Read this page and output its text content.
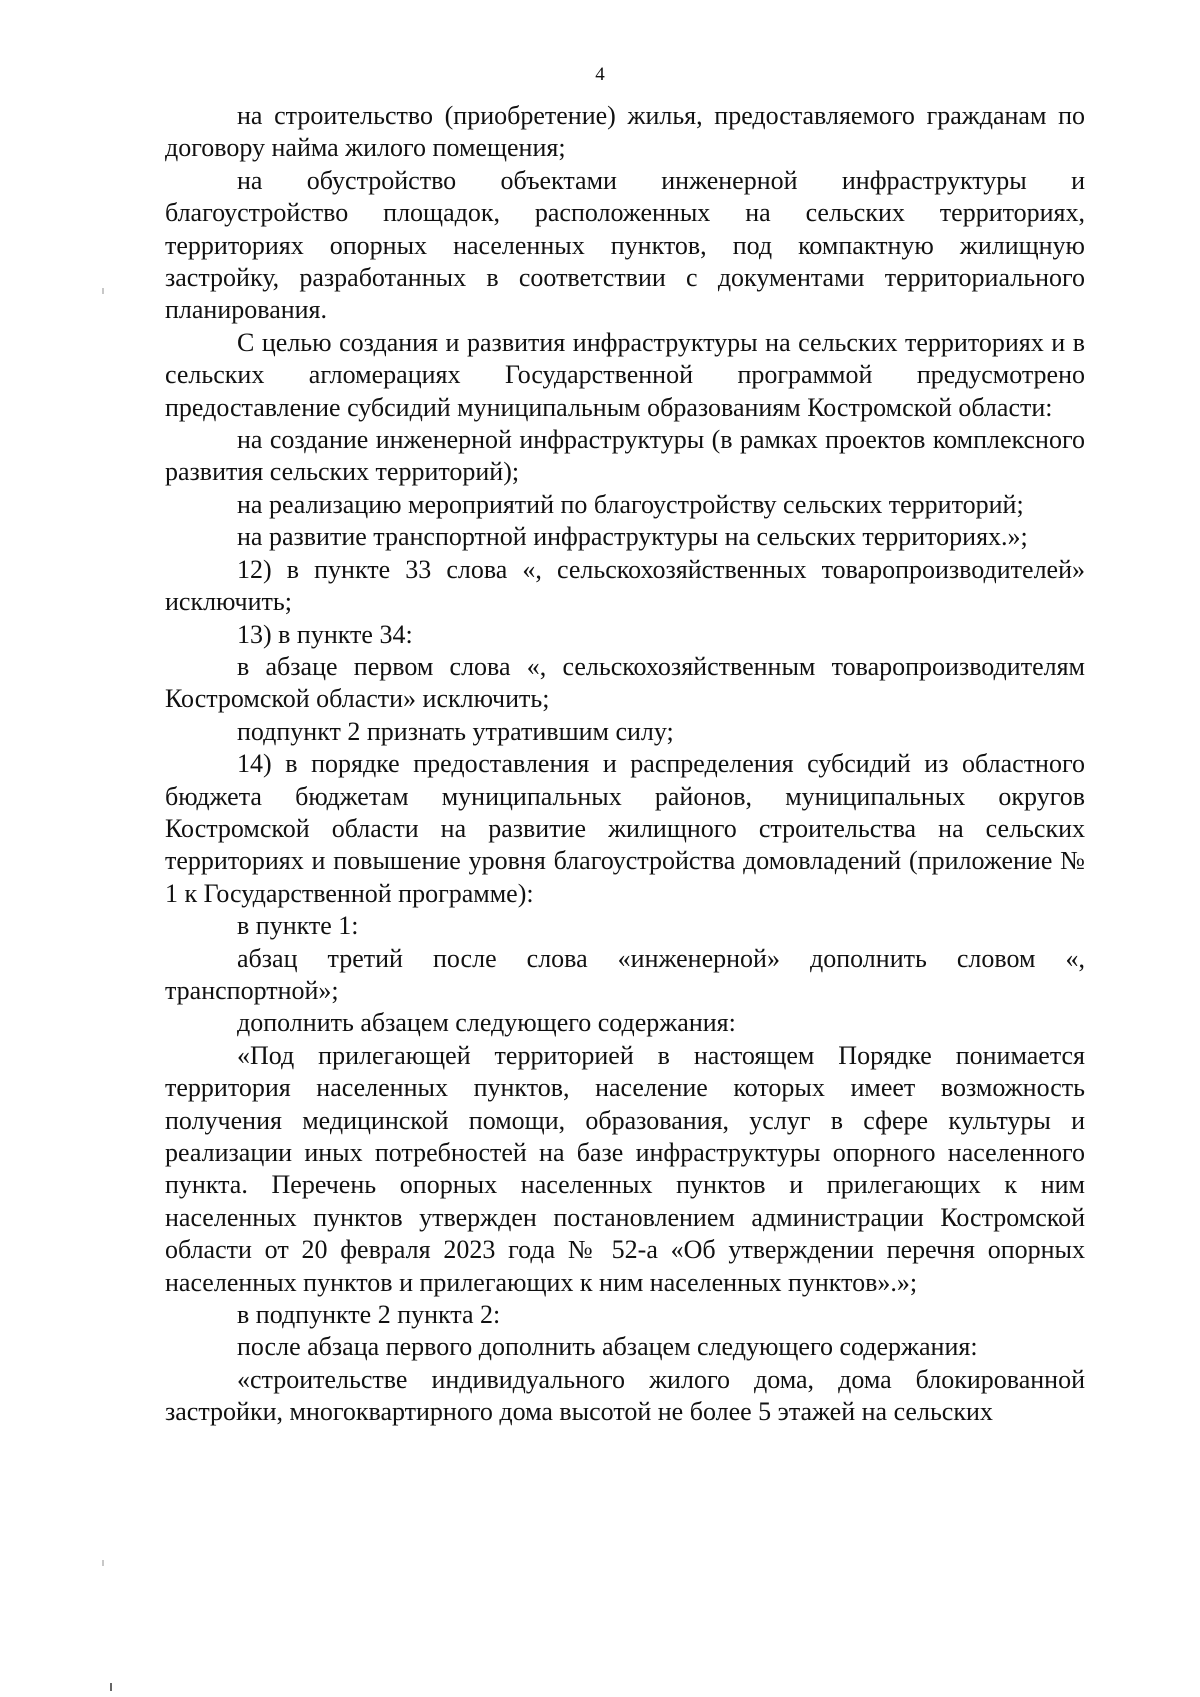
4

на строительство (приобретение) жилья, предоставляемого гражданам по договору найма жилого помещения;

на обустройство объектами инженерной инфраструктуры и благоустройство площадок, расположенных на сельских территориях, территориях опорных населенных пунктов, под компактную жилищную застройку, разработанных в соответствии с документами территориального планирования.

С целью создания и развития инфраструктуры на сельских территориях и в сельских агломерациях Государственной программой предусмотрено предоставление субсидий муниципальным образованиям Костромской области:

на создание инженерной инфраструктуры (в рамках проектов комплексного развития сельских территорий);

на реализацию мероприятий по благоустройству сельских территорий;

на развитие транспортной инфраструктуры на сельских территориях.»;

12) в пункте 33 слова «, сельскохозяйственных товаропроизводителей» исключить;

13) в пункте 34:

в абзаце первом слова «, сельскохозяйственным товаропроизводителям Костромской области» исключить;

подпункт 2 признать утратившим силу;

14) в порядке предоставления и распределения субсидий из областного бюджета бюджетам муниципальных районов, муниципальных округов Костромской области на развитие жилищного строительства на сельских территориях и повышение уровня благоустройства домовладений (приложение № 1 к Государственной программе):

в пункте 1:

абзац третий после слова «инженерной» дополнить словом «, транспортной»;

дополнить абзацем следующего содержания:

«Под прилегающей территорией в настоящем Порядке понимается территория населенных пунктов, население которых имеет возможность получения медицинской помощи, образования, услуг в сфере культуры и реализации иных потребностей на базе инфраструктуры опорного населенного пункта. Перечень опорных населенных пунктов и прилегающих к ним населенных пунктов утвержден постановлением администрации Костромской области от 20 февраля 2023 года № 52-а «Об утверждении перечня опорных населенных пунктов и прилегающих к ним населенных пунктов».»;

в подпункте 2 пункта 2:

после абзаца первого дополнить абзацем следующего содержания:

«строительстве индивидуального жилого дома, дома блокированной застройки, многоквартирного дома высотой не более 5 этажей на сельских
